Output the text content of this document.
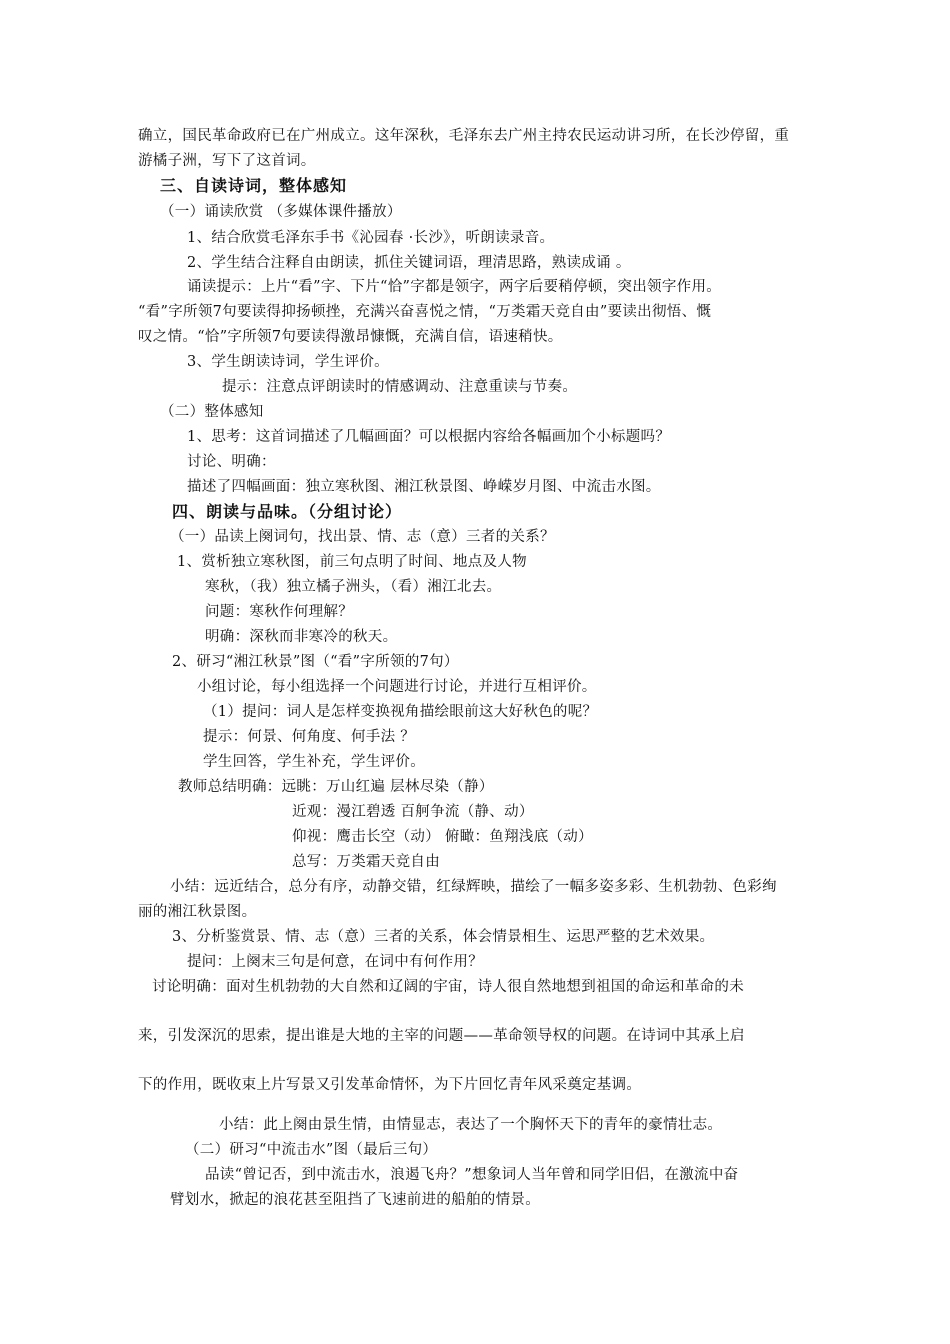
确立，国民革命政府已在广州成立。这年深秋，毛泽东去广州主持农民运动讲习所，在长沙停留，重
游橘子洲，写下了这首词。
三、自读诗词，整体感知
（一）诵读欣赏 （多媒体课件播放）
1、结合欣赏毛泽东手书《沁园春 ·长沙》，听朗读录音。
2、学生结合注释自由朗读，抓住关键词语，理清思路，熟读成诵 。
诵读提示：上片“看”字、下片“恰”字都是领字，两字后要稍停顿，突出领字作用。
“看”字所领7句要读得抑扬顿挫，充满兴奋喜悦之情，“万类霜天竞自由”要读出彻悟、慨
叹之情。“恰”字所领7句要读得激昂慷慨，充满自信，语速稍快。
3、学生朗读诗词，学生评价。
提示：注意点评朗读时的情感调动、注意重读与节奏。
（二）整体感知
1、思考：这首词描述了几幅画面？可以根据内容给各幅画加个小标题吗？
讨论、明确：
描述了四幅画面：独立寒秋图、湘江秋景图、峥嵘岁月图、中流击水图。
四、朗读与品味。（分组讨论）
（一）品读上阕词句，找出景、情、志（意）三者的关系？
1、赏析独立寒秋图，前三句点明了时间、地点及人物
寒秋，（我）独立橘子洲头，（看）湘江北去。
问题：寒秋作何理解？
明确：深秋而非寒冷的秋天。
2、研习“湘江秋景”图（“看”字所领的7句）
小组讨论，每小组选择一个问题进行讨论，并进行互相评价。
（1）提问：词人是怎样变换视角描绘眼前这大好秋色的呢？
提示：何景、何角度、何手法 ？
学生回答，学生补充，学生评价。
教师总结明确：远眺：万山红遍 层林尽染（静）
近观：漫江碧透 百舸争流（静、动）
仰视：鹰击长空（动） 俯瞰：鱼翔浅底（动）
总写：万类霜天竞自由
小结：远近结合，总分有序，动静交错，红绿辉映，描绘了一幅多姿多彩、生机勃勃、色彩绚
丽的湘江秋景图。
3、分析鉴赏景、情、志（意）三者的关系，体会情景相生、运思严整的艺术效果。
提问：上阕末三句是何意，在词中有何作用？
讨论明确：面对生机勃勃的大自然和辽阔的宇宙，诗人很自然地想到祖国的命运和革命的未
来，引发深沉的思索，提出谁是大地的主宰的问题——革命领导权的问题。在诗词中其承上启
下的作用，既收束上片写景又引发革命情怀，为下片回忆青年风采奠定基调。
小结：此上阕由景生情，由情显志，表达了一个胸怀天下的青年的豪情壮志。
（二）研习“中流击水”图（最后三句）
品读“曾记否，到中流击水，浪遏飞舟？”想象词人当年曾和同学旧侣，在激流中奋
臂划水，掀起的浪花甚至阻挡了飞速前进的船舶的情景。
